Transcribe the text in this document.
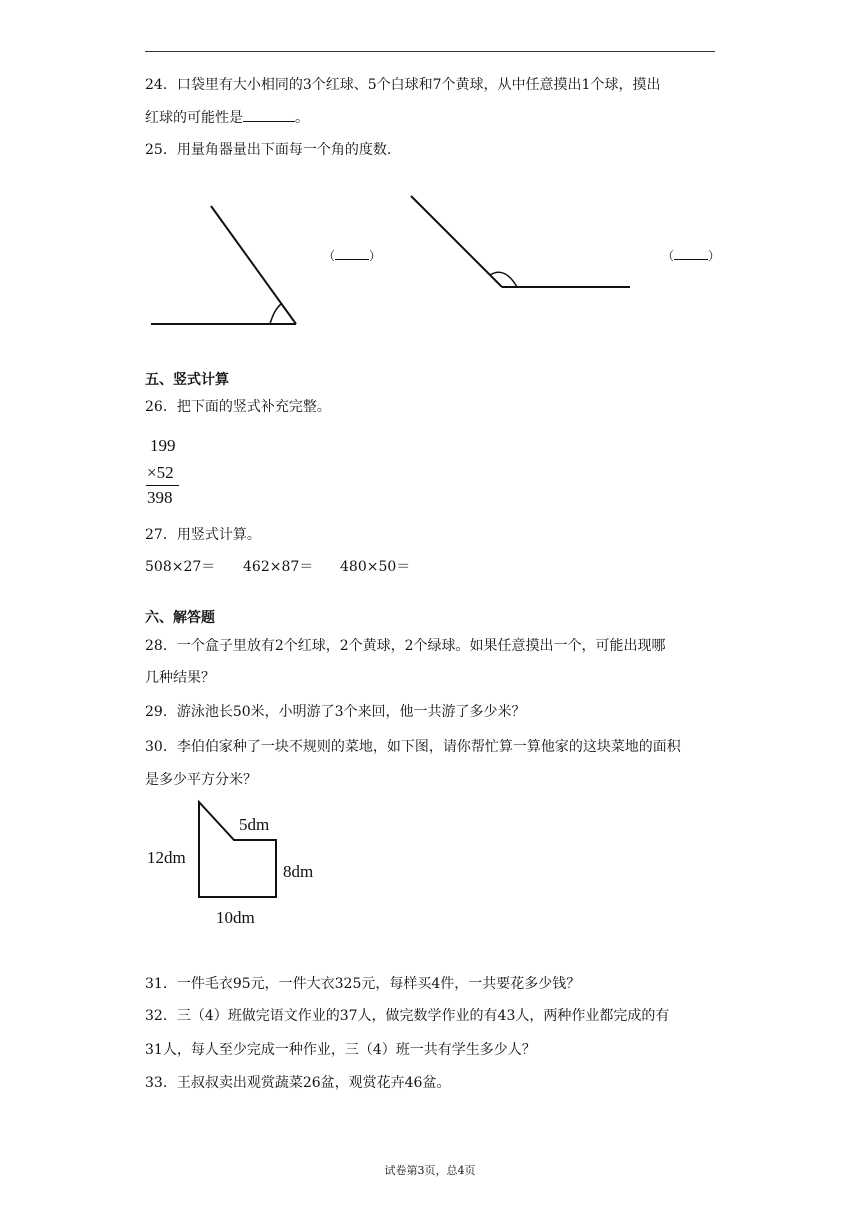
24．口袋里有大小相同的3个红球、5个白球和7个黄球，从中任意摸出1个球，摸出
红球的可能性是	。
25．用量角器量出下面每一个角的度数.
（	）	（	）
五、竖式计算
26．把下面的竖式补充完整。
199
×52
398
27．用竖式计算。
508×27＝ 462×87＝ 480×50＝
六、解答题
28．一个盒子里放有2个红球，2个黄球，2个绿球。如果任意摸出一个，可能出现哪
几种结果？
29．游泳池长50米，小明游了3个来回，他一共游了多少米？
30．李伯伯家种了一块不规则的菜地，如下图，请你帮忙算一算他家的这块菜地的面积
是多少平方分米？
5dm
12dm
8dm
10dm
31．一件毛衣95元，一件大衣325元，每样买4件，一共要花多少钱？
32．三（4）班做完语文作业的37人，做完数学作业的有43人，两种作业都完成的有
31人，每人至少完成一种作业，三（4）班一共有学生多少人？
33．王叔叔卖出观赏蔬菜26盆，观赏花卉46盆。
试卷第3页，总4页
